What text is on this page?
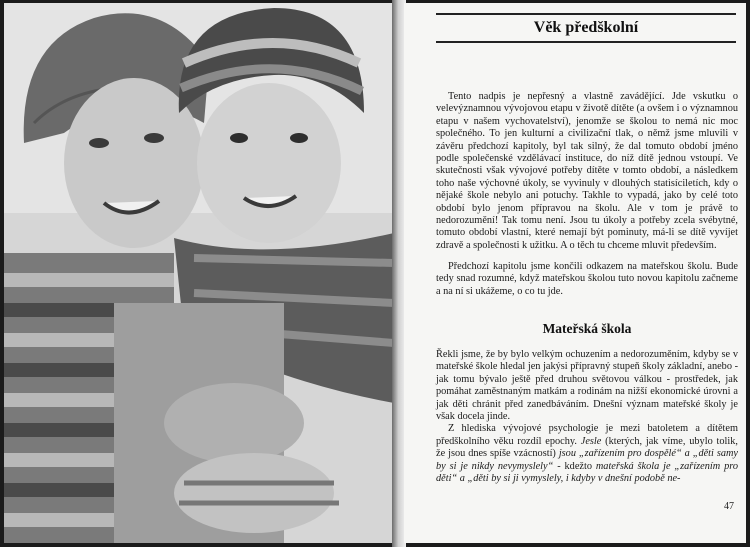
Věk předškolní

Tento nadpis je nepřesný a vlastně zavádějící. Jde vskutku o velevýznamnou vývojovou etapu v životě dítěte (a ovšem i o významnou etapu v našem vychovatelství), jenomže se školou to nemá nic moc společného. To jen kulturní a civilizační tlak, o němž jsme mluvili v závěru předchozí kapitoly, byl tak silný, že dal tomuto období jméno podle společenské vzdělávací instituce, do níž dítě jednou vstoupí. Ve skutečnosti však vývojové potřeby dítěte v tomto období, a následkem toho naše výchovné úkoly, se vyvinuly v dlouhých statisíciletích, kdy o nějaké škole nebylo ani potuchy. Takhle to vypadá, jako by celé toto období bylo jenom přípravou na školu. Ale v tom je právě to nedorozumění! Tak tomu není. Jsou tu úkoly a potřeby zcela svébytné, tomuto období vlastní, které nemají být pominuty, má-li se dítě vyvíjet zdravě a společnosti k užitku. A o těch tu chceme mluvit především.

Předchozí kapitolu jsme končili odkazem na mateřskou školu. Bude tedy snad rozumné, když mateřskou školou tuto novou kapitolu začneme a na ní si ukážeme, o co tu jde.

Mateřská škola

Řekli jsme, že by bylo velkým ochuzením a nedorozuměním, kdyby se v mateřské škole hledal jen jakýsi přípravný stupeň školy základní, anebo - jak tomu bývalo ještě před druhou světovou válkou - prostředek, jak pomáhat zaměstnaným matkám a rodinám na nižší ekonomické úrovni a jak děti chránit před zanedbáváním. Dnešní význam mateřské školy je však docela jinde.

Z hlediska vývojové psychologie je mezi batoletem a dítětem předškolního věku rozdíl epochy. Jesle (kterých, jak víme, ubylo tolik, že jsou dnes spíše vzácností) jsou „zařízením pro dospělé“ a „děti samy by si je nikdy nevymyslely“ - kdežto mateřská škola je „zařízením pro děti“ a „děti by si ji vymyslely, i kdyby v dnešní podobě ne-

47
